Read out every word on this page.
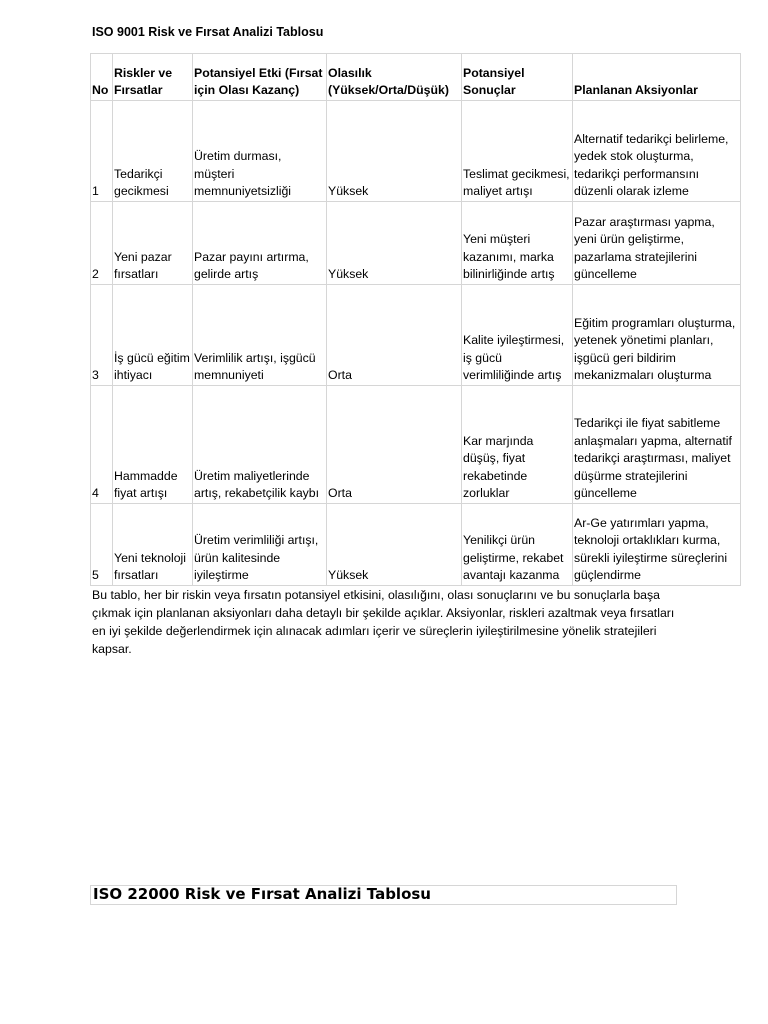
ISO 9001 Risk ve Fırsat Analizi Tablosu
No	Riskler ve Fırsatlar	Potansiyel Etki (Fırsat için Olası Kazanç)	Olasılık (Yüksek/Orta/Düşük)	Potansiyel Sonuçlar	Planlanan Aksiyonlar
1	Tedarikçi gecikmesi	Üretim durması, müşteri memnuniyetsizliği	Yüksek	Teslimat gecikmesi, maliyet artışı	Alternatif tedarikçi belirleme, yedek stok oluşturma, tedarikçi performansını düzenli olarak izleme
2	Yeni pazar fırsatları	Pazar payını artırma, gelirde artış	Yüksek	Yeni müşteri kazanımı, marka bilinirliğinde artış	Pazar araştırması yapma, yeni ürün geliştirme, pazarlama stratejilerini güncelleme
3	İş gücü eğitim ihtiyacı	Verimlilik artışı, işgücü memnuniyeti	Orta	Kalite iyileştirmesi, iş gücü verimliliğinde artış	Eğitim programları oluşturma, yetenek yönetimi planları, işgücü geri bildirim mekanizmaları oluşturma
4	Hammadde fiyat artışı	Üretim maliyetlerinde artış, rekabetçilik kaybı	Orta	Kar marjında düşüş, fiyat rekabetinde zorluklar	Tedarikçi ile fiyat sabitleme anlaşmaları yapma, alternatif tedarikçi araştırması, maliyet düşürme stratejilerini güncelleme
5	Yeni teknoloji fırsatları	Üretim verimliliği artışı, ürün kalitesinde iyileştirme	Yüksek	Yenilikçi ürün geliştirme, rekabet avantajı kazanma	Ar-Ge yatırımları yapma, teknoloji ortaklıkları kurma, sürekli iyileştirme süreçlerini güçlendirme
Bu tablo, her bir riskin veya fırsatın potansiyel etkisini, olasılığını, olası sonuçlarını ve bu sonuçlarla başa çıkmak için planlanan aksiyonları daha detaylı bir şekilde açıklar. Aksiyonlar, riskleri azaltmak veya fırsatları en iyi şekilde değerlendirmek için alınacak adımları içerir ve süreçlerin iyileştirilmesine yönelik stratejileri kapsar.
ISO 22000 Risk ve Fırsat Analizi Tablosu
